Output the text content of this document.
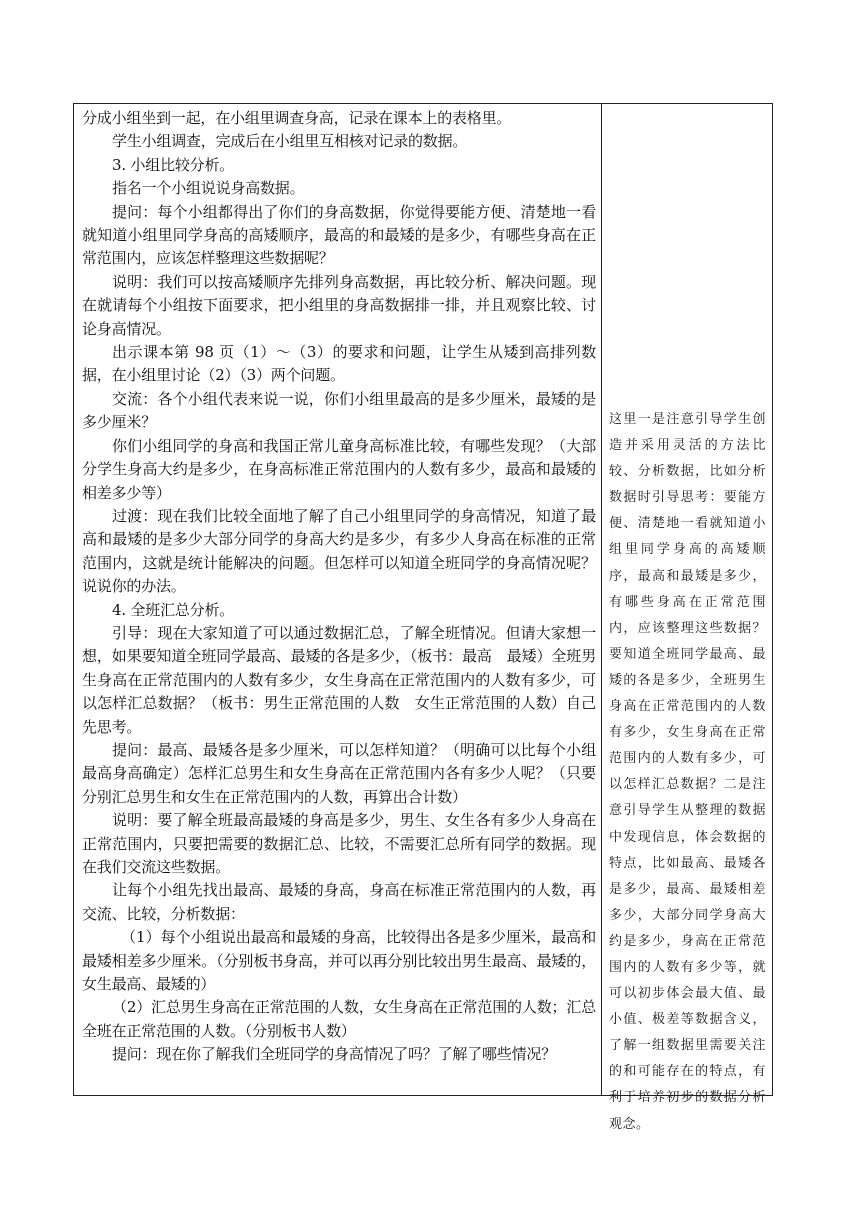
分成小组坐到一起，在小组里调查身高，记录在课本上的表格里。

学生小组调查，完成后在小组里互相核对记录的数据。

3. 小组比较分析。

指名一个小组说说身高数据。

提问：每个小组都得出了你们的身高数据，你觉得要能方便、清楚地一看就知道小组里同学身高的高矮顺序，最高的和最矮的是多少，有哪些身高在正常范围内，应该怎样整理这些数据呢？

说明：我们可以按高矮顺序先排列身高数据，再比较分析、解决问题。现在就请每个小组按下面要求，把小组里的身高数据排一排，并且观察比较、讨论身高情况。

出示课本第 98 页（1）～（3）的要求和问题，让学生从矮到高排列数据，在小组里讨论（2）（3）两个问题。

交流：各个小组代表来说一说，你们小组里最高的是多少厘米，最矮的是多少厘米？

你们小组同学的身高和我国正常儿童身高标准比较，有哪些发现？（大部分学生身高大约是多少，在身高标准正常范围内的人数有多少，最高和最矮的相差多少等）

过渡：现在我们比较全面地了解了自己小组里同学的身高情况，知道了最高和最矮的是多少大部分同学的身高大约是多少，有多少人身高在标准的正常范围内，这就是统计能解决的问题。但怎样可以知道全班同学的身高情况呢？说说你的办法。

4. 全班汇总分析。

引导：现在大家知道了可以通过数据汇总，了解全班情况。但请大家想一想，如果要知道全班同学最高、最矮的各是多少，（板书：最高　最矮）全班男生身高在正常范围内的人数有多少，女生身高在正常范围内的人数有多少，可以怎样汇总数据？（板书：男生正常范围的人数　女生正常范围的人数）自己先思考。

提问：最高、最矮各是多少厘米，可以怎样知道？（明确可以比每个小组最高身高确定）怎样汇总男生和女生身高在正常范围内各有多少人呢？（只要分别汇总男生和女生在正常范围内的人数，再算出合计数）

说明：要了解全班最高最矮的身高是多少，男生、女生各有多少人身高在正常范围内，只要把需要的数据汇总、比较，不需要汇总所有同学的数据。现在我们交流这些数据。

让每个小组先找出最高、最矮的身高，身高在标准正常范围内的人数，再交流、比较，分析数据：

（1）每个小组说出最高和最矮的身高，比较得出各是多少厘米，最高和最矮相差多少厘米。（分别板书身高，并可以再分别比较出男生最高、最矮的，女生最高、最矮的）

（2）汇总男生身高在正常范围的人数，女生身高在正常范围的人数；汇总全班在正常范围的人数。（分别板书人数）

提问：现在你了解我们全班同学的身高情况了吗？了解了哪些情况？

这里一是注意引导学生创造并采用灵活的方法比较、分析数据，比如分析数据时引导思考：要能方便、清楚地一看就知道小组里同学身高的高矮顺序，最高和最矮是多少，有哪些身高在正常范围内，应该整理这些数据？要知道全班同学最高、最矮的各是多少，全班男生身高在正常范围内的人数有多少，女生身高在正常范围内的人数有多少，可以怎样汇总数据？二是注意引导学生从整理的数据中发现信息，体会数据的特点，比如最高、最矮各是多少，最高、最矮相差多少，大部分同学身高大约是多少，身高在正常范围内的人数有多少等，就可以初步体会最大值、最小值、极差等数据含义，了解一组数据里需要关注的和可能存在的特点，有利于培养初步的数据分析观念。
